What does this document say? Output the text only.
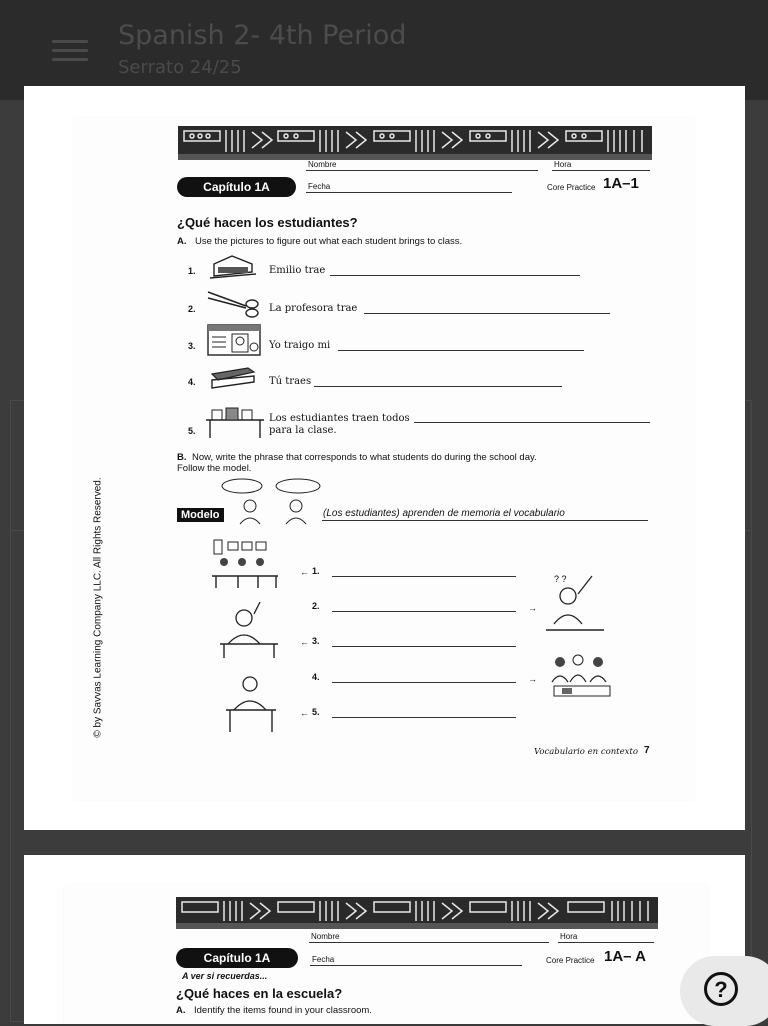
Spanish 2- 4th Period
Serrato 24/25
Nombre	Hora
Capítulo 1A	Fecha	Core Practice 1A–1
¿Qué hacen los estudiantes?
A. Use the pictures to figure out what each student brings to class.
1.	Emilio trae
2.	La profesora trae
3.	Yo traigo mi
4.	Tú traes
5.
Los estudiantes traen todos
para la clase.
B. Now, write the phrase that corresponds to what students do during the school day.
Follow the model.
Modelo	(Los estudiantes) aprenden de memoria el vocabulario
← 1.
2.	→
? ?
← 3.
4.	→
← 5.
© by Savvas Learning Company LLC. All Rights Reserved.
Vocabulario en contexto 7
Nombre	Hora
Capítulo 1A	Fecha	Core Practice 1A– A
A ver si recuerdas...
¿Qué haces en la escuela?
A. Identify the items found in your classroom.
?
